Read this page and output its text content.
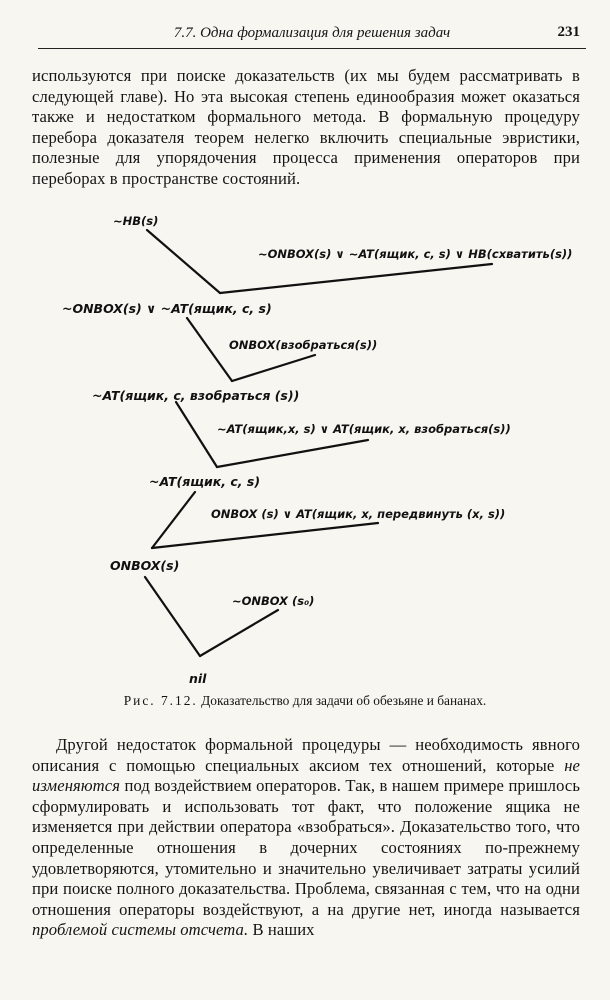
7.7. Одна формализация для решения задач	231

используются при поиске доказательств (их мы будем рассматривать в следующей главе). Но эта высокая степень единообразия может оказаться также и недостатком формального метода. В формальную процедуру перебора доказателя теорем нелегко включить специальные эвристики, полезные для упорядочения процесса применения операторов при переборах в пространстве состояний.

~HB(s)
~ONBOX(s) ∨ ~AT(ящик, c, s) ∨ HB(схватить(s))
~ONBOX(s) ∨ ~AT(ящик, c, s)
ONBOX(взобраться(s))
~AT(ящик, c, взобраться (s))
~AT(ящик,x, s) ∨ AT(ящик, x, взобраться(s))
~AT(ящик, c, s)
ONBOX (s) ∨ AT(ящик, x, передвинуть (x, s))
ONBOX(s)
~ONBOX (s₀)
nil
Рис. 7.12. Доказательство для задачи об обезьяне и бананах.

Другой недостаток формальной процедуры — необходимость явного описания с помощью специальных аксиом тех отношений, которые не изменяются под воздействием операторов. Так, в нашем примере пришлось сформулировать и использовать тот факт, что положение ящика не изменяется при действии оператора «взобраться». Доказательство того, что определенные отношения в дочерних состояниях по-прежнему удовлетворяются, утомительно и значительно увеличивает затраты усилий при поиске полного доказательства. Проблема, связанная с тем, что на одни отношения операторы воздействуют, а на другие нет, иногда называется проблемой системы отсчета. В наших
